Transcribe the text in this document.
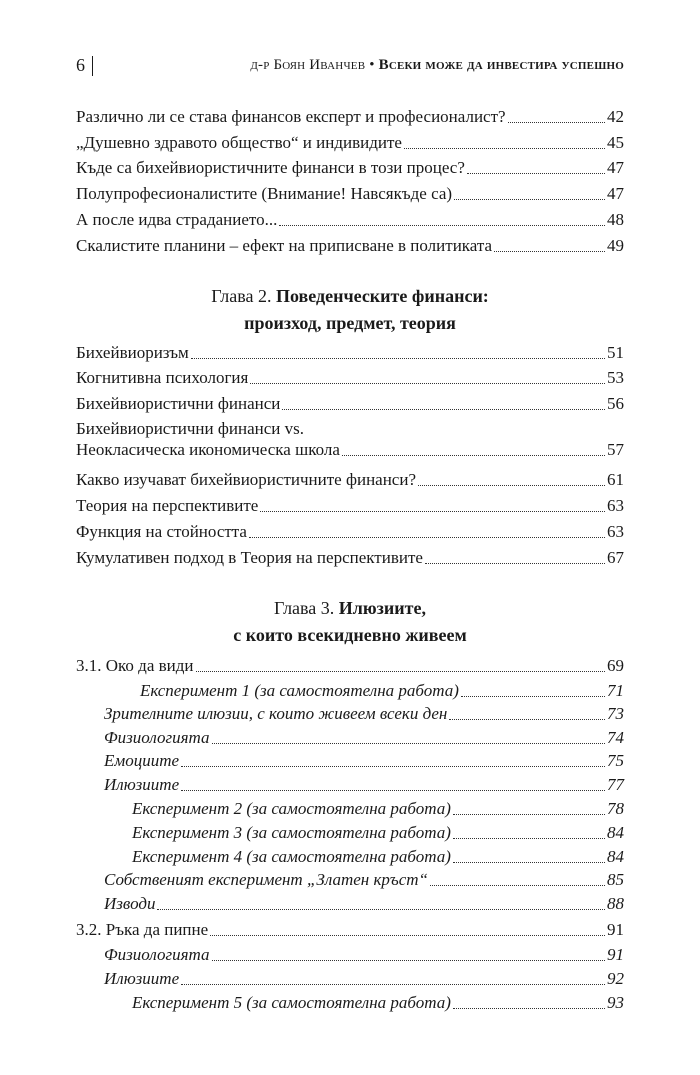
6	д-р Боян Иванчев • Всеки може да инвестира успешно
Различно ли се става финансов експерт и професионалист?	42
„Душевно здравото общество“ и индивидите	45
Къде са бихейвиористичните финанси в този процес?	47
Полупрофесионалистите (Внимание! Навсякъде са)	47
А после идва страданието...	48
Скалистите планини – ефект на приписване в политиката	49
Глава 2. Поведенческите финанси:
произход, предмет, теория
Бихейвиоризъм	51
Когнитивна психология	53
Бихейвиористични финанси	56
Бихейвиористични финанси vs.
Неокласическа икономическа школа	57
Какво изучават бихейвиористичните финанси?	61
Теория на перспективите	63
Функция на стойността	63
Кумулативен подход в Теория на перспективите	67
Глава 3. Илюзиите,
с които всекидневно живеем
3.1. Око да види	69
Експеримент 1 (за самостоятелна работа)	71
Зрителните илюзии, с които живеем всеки ден	73
Физиологията	74
Емоциите	75
Илюзиите	77
Експеримент 2 (за самостоятелна работа)	78
Експеримент 3 (за самостоятелна работа)	84
Експеримент 4 (за самостоятелна работа)	84
Собственият експеримент „Златен кръст“	85
Изводи	88
3.2. Ръка да пипне	91
Физиологията	91
Илюзиите	92
Експеримент 5 (за самостоятелна работа)	93
